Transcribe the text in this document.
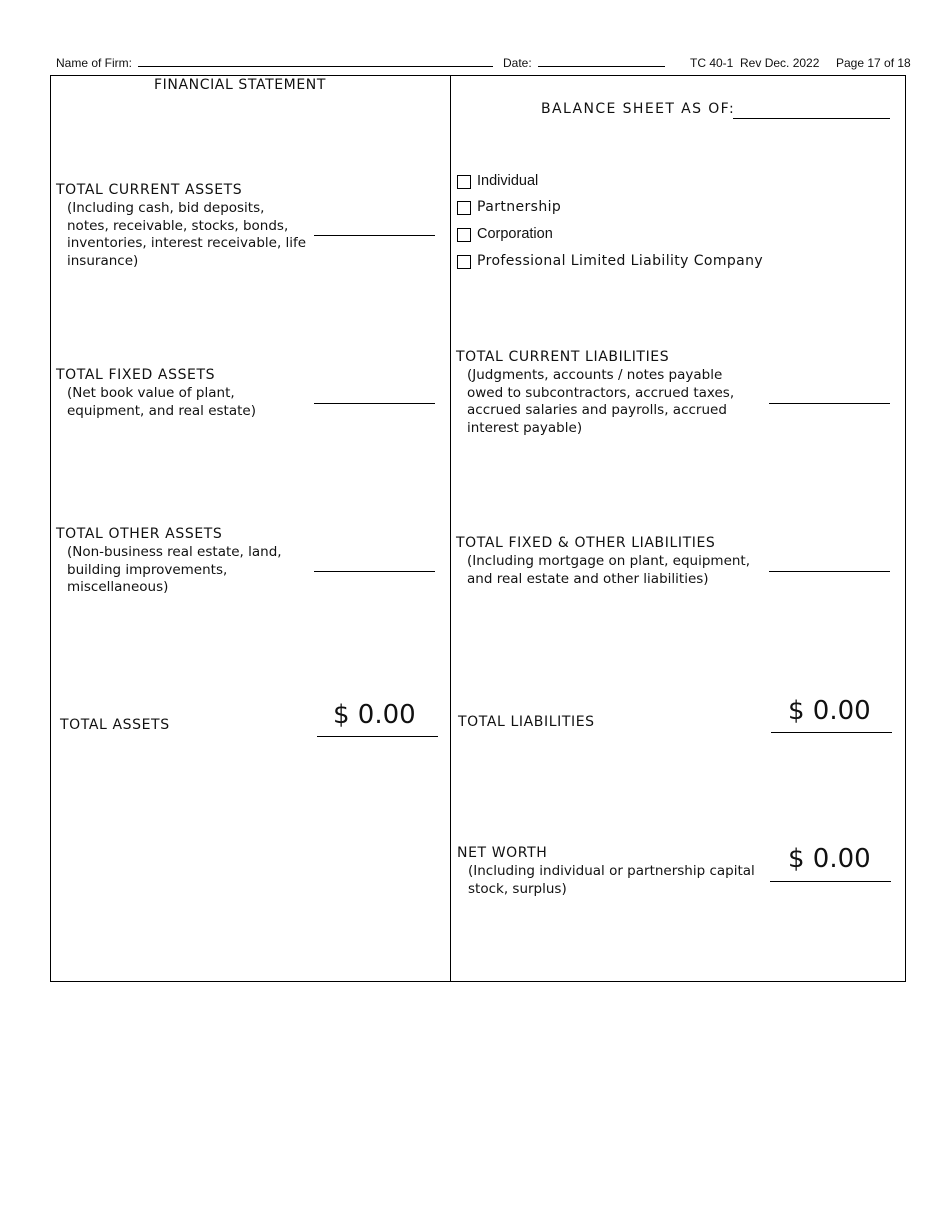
Name of Firm:	Date:	TC 40-1  Rev Dec. 2022 Page 17 of 18
FINANCIAL STATEMENT
TOTAL CURRENT ASSETS
(Including cash, bid deposits,
notes, receivable, stocks, bonds,
inventories, interest receivable, life
insurance)
TOTAL FIXED ASSETS
(Net book value of plant,
equipment, and real estate)
TOTAL OTHER ASSETS
(Non-business real estate, land,
building improvements,
miscellaneous)
TOTAL ASSETS	$ 0.00
BALANCE SHEET AS OF:
Individual
Partnership
Corporation
Professional Limited Liability Company
TOTAL CURRENT LIABILITIES
(Judgments, accounts / notes payable
owed to subcontractors, accrued taxes,
accrued salaries and payrolls, accrued
interest payable)
TOTAL FIXED & OTHER LIABILITIES
(Including mortgage on plant, equipment,
and real estate and other liabilities)
TOTAL LIABILITIES	$ 0.00
NET WORTH
(Including individual or partnership capital
stock, surplus)
$ 0.00
